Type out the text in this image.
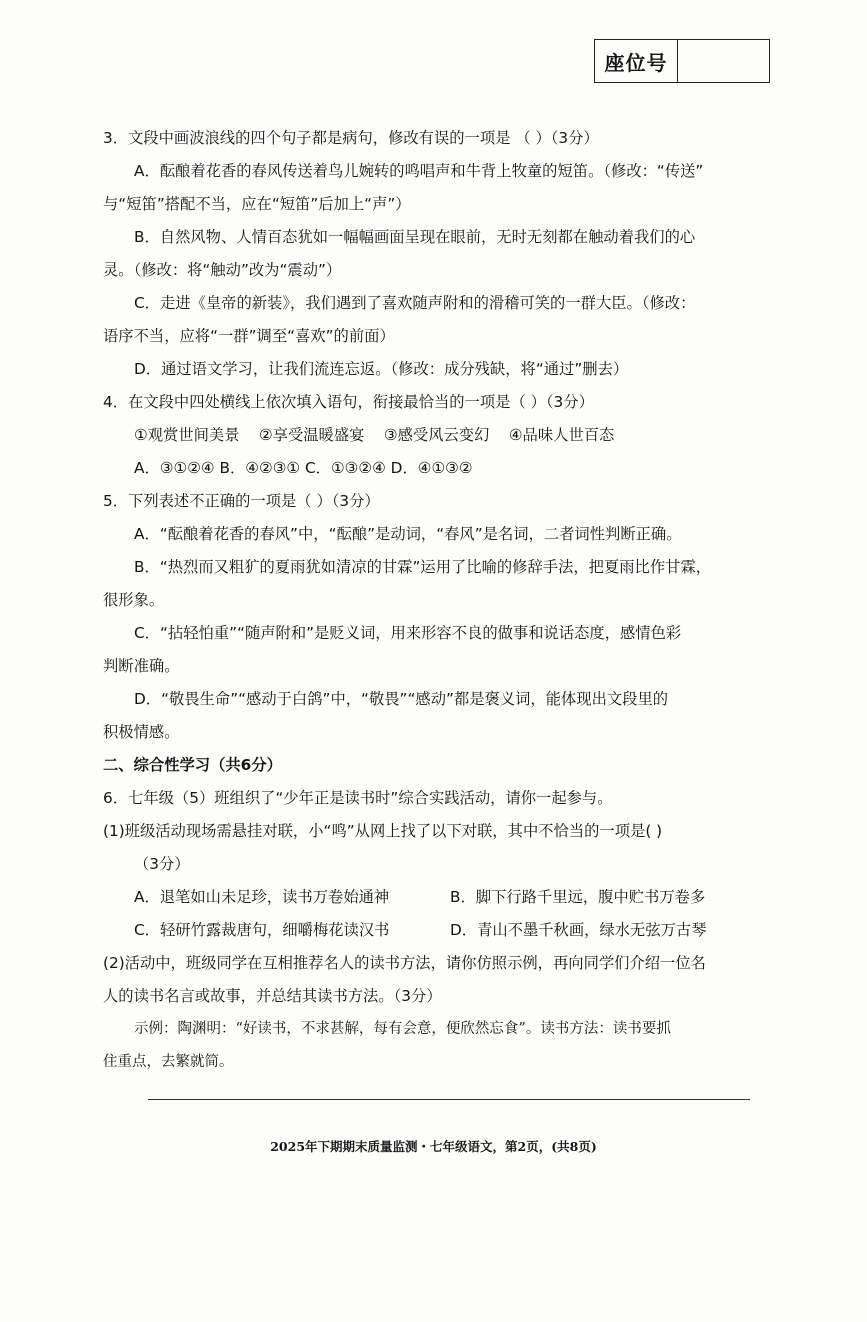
座位号

3．文段中画波浪线的四个句子都是病句，修改有误的一项是 （ ）（3分）

A．酝酿着花香的春风传送着鸟儿婉转的鸣唱声和牛背上牧童的短笛。（修改：“传送”

与“短笛”搭配不当，应在“短笛”后加上“声”）

B．自然风物、人情百态犹如一幅幅画面呈现在眼前，无时无刻都在触动着我们的心

灵。（修改：将“触动”改为“震动”）

C．走进《皇帝的新装》，我们遇到了喜欢随声附和的滑稽可笑的一群大臣。（修改：

语序不当，应将“一群”调至“喜欢”的前面）

D．通过语文学习，让我们流连忘返。（修改：成分残缺，将“通过”删去）

4．在文段中四处横线上依次填入语句，衔接最恰当的一项是（ ）（3分）

①观赏世间美景    ②享受温暖盛宴    ③感受风云变幻    ④品味人世百态

A．③①②④ B．④②③① C．①③②④ D．④①③②

5．下列表述不正确的一项是（ ）（3分）

A．“酝酿着花香的春风”中，“酝酿”是动词，“春风”是名词，二者词性判断正确。

B．“热烈而又粗犷的夏雨犹如清凉的甘霖”运用了比喻的修辞手法，把夏雨比作甘霖，

很形象。

C．“拈轻怕重”“随声附和”是贬义词，用来形容不良的做事和说话态度，感情色彩

判断准确。

D．“敬畏生命”“感动于白鸽”中，“敬畏”“感动”都是褒义词，能体现出文段里的

积极情感。

二、综合性学习（共6分）

6．七年级（5）班组织了“少年正是读书时”综合实践活动，请你一起参与。

(1)班级活动现场需悬挂对联，小“鸣”从网上找了以下对联，其中不恰当的一项是( )

（3分）

A．退笔如山未足珍，读书万卷始通神	B．脚下行路千里远，腹中贮书万卷多
C．轻研竹露裁唐句，细嚼梅花读汉书	D．青山不墨千秋画，绿水无弦万古琴

(2)活动中，班级同学在互相推荐名人的读书方法，请你仿照示例，再向同学们介绍一位名

人的读书名言或故事，并总结其读书方法。（3分）

示例：陶渊明：“好读书，不求甚解，每有会意，便欣然忘食”。读书方法：读书要抓

住重点，去繁就简。

2025年下期期末质量监测・七年级语文，第2页，(共8页)
